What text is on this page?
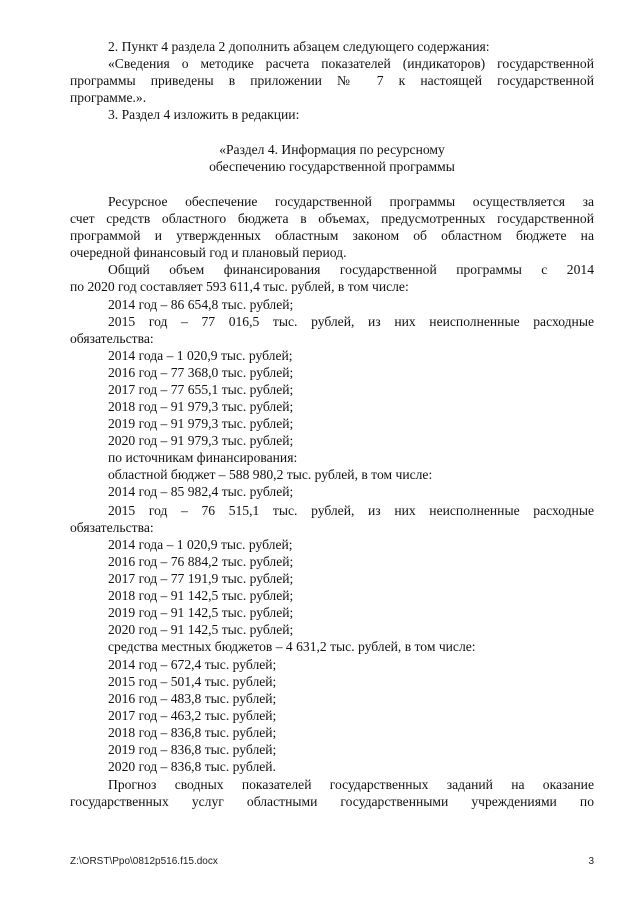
2. Пункт 4 раздела 2 дополнить абзацем следующего содержания:
«Сведения о методике расчета показателей (индикаторов) государственной
программы приведены в приложении № 7 к настоящей государственной
программе.».
3. Раздел 4 изложить в редакции:
«Раздел 4. Информация по ресурсному
обеспечению государственной программы
Ресурсное обеспечение государственной программы осуществляется за
счет средств областного бюджета в объемах, предусмотренных государственной
программой и утвержденных областным законом об областном бюджете на
очередной финансовый год и плановый период.
Общий объем финансирования государственной программы с 2014
по 2020 год составляет 593 611,4 тыс. рублей, в том числе:
2014 год – 86 654,8 тыс. рублей;
2015 год – 77 016,5 тыс. рублей, из них неисполненные расходные
обязательства:
2014 года – 1 020,9 тыс. рублей;
2016 год – 77 368,0 тыс. рублей;
2017 год – 77 655,1 тыс. рублей;
2018 год – 91 979,3 тыс. рублей;
2019 год – 91 979,3 тыс. рублей;
2020 год – 91 979,3 тыс. рублей;
по источникам финансирования:
областной бюджет – 588 980,2 тыс. рублей, в том числе:
2014 год – 85 982,4 тыс. рублей;
2015 год – 76 515,1 тыс. рублей, из них неисполненные расходные
обязательства:
2014 года – 1 020,9 тыс. рублей;
2016 год – 76 884,2 тыс. рублей;
2017 год – 77 191,9 тыс. рублей;
2018 год – 91 142,5 тыс. рублей;
2019 год – 91 142,5 тыс. рублей;
2020 год – 91 142,5 тыс. рублей;
средства местных бюджетов – 4 631,2 тыс. рублей, в том числе:
2014 год – 672,4 тыс. рублей;
2015 год – 501,4 тыс. рублей;
2016 год – 483,8 тыс. рублей;
2017 год – 463,2 тыс. рублей;
2018 год – 836,8 тыс. рублей;
2019 год – 836,8 тыс. рублей;
2020 год – 836,8 тыс. рублей.
Прогноз сводных показателей государственных заданий на оказание
государственных услуг областными государственными учреждениями по
Z:\ORST\Ppo\0812p516.f15.docx	3
